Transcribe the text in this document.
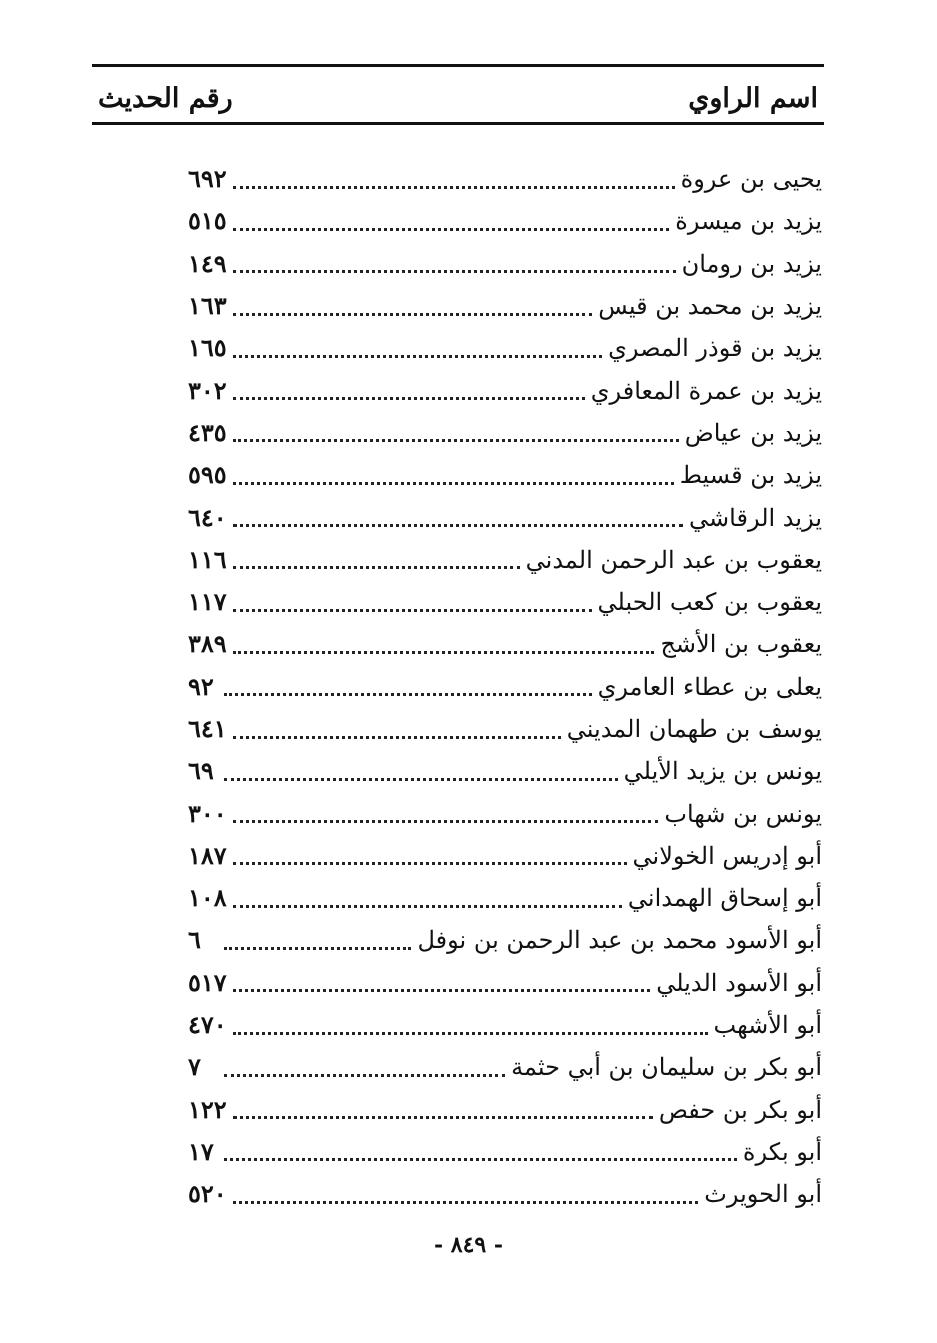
اسم الراوي
رقم الحديث
يحيى بن عروة
٦٩٢
يزيد بن ميسرة
٥١٥
يزيد بن رومان
١٤٩
يزيد بن محمد بن قيس
١٦٣
يزيد بن قوذر المصري
١٦٥
يزيد بن عمرة المعافري
٣٠٢
يزيد بن عياض
٤٣٥
يزيد بن قسيط
٥٩٥
يزيد الرقاشي
٦٤٠
يعقوب بن عبد الرحمن المدني
١١٦
يعقوب بن كعب الحبلي
١١٧
يعقوب بن الأشج
٣٨٩
يعلى بن عطاء العامري
٩٢
يوسف بن طهمان المديني
٦٤١
يونس بن يزيد الأيلي
٦٩
يونس بن شهاب
٣٠٠
أبو إدريس الخولاني
١٨٧
أبو إسحاق الهمداني
١٠٨
أبو الأسود محمد بن عبد الرحمن بن نوفل
٦
أبو الأسود الديلي
٥١٧
أبو الأشهب
٤٧٠
أبو بكر بن سليمان بن أبي حثمة
٧
أبو بكر بن حفص
١٢٢
أبو بكرة
١٧
أبو الحويرث
٥٢٠
- ٨٤٩ -
